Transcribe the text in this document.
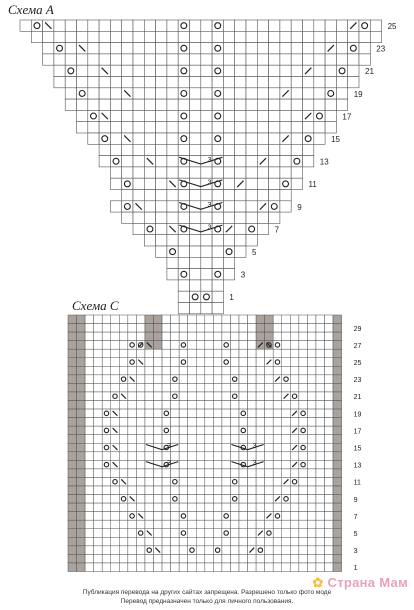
Схема А
Схема С
25
23
21
19
17
15
3	13
3	11
3	9
3	7
5
3
1
1
3
5
7
9
11
3	3	13
3	3	15
17
19
21
23
25
27
29
Публикация перевода на других сайтах запрещена. Разрешено только фото моде
Перевод предназначен только для личного пользования.
✿ Страна Мам
